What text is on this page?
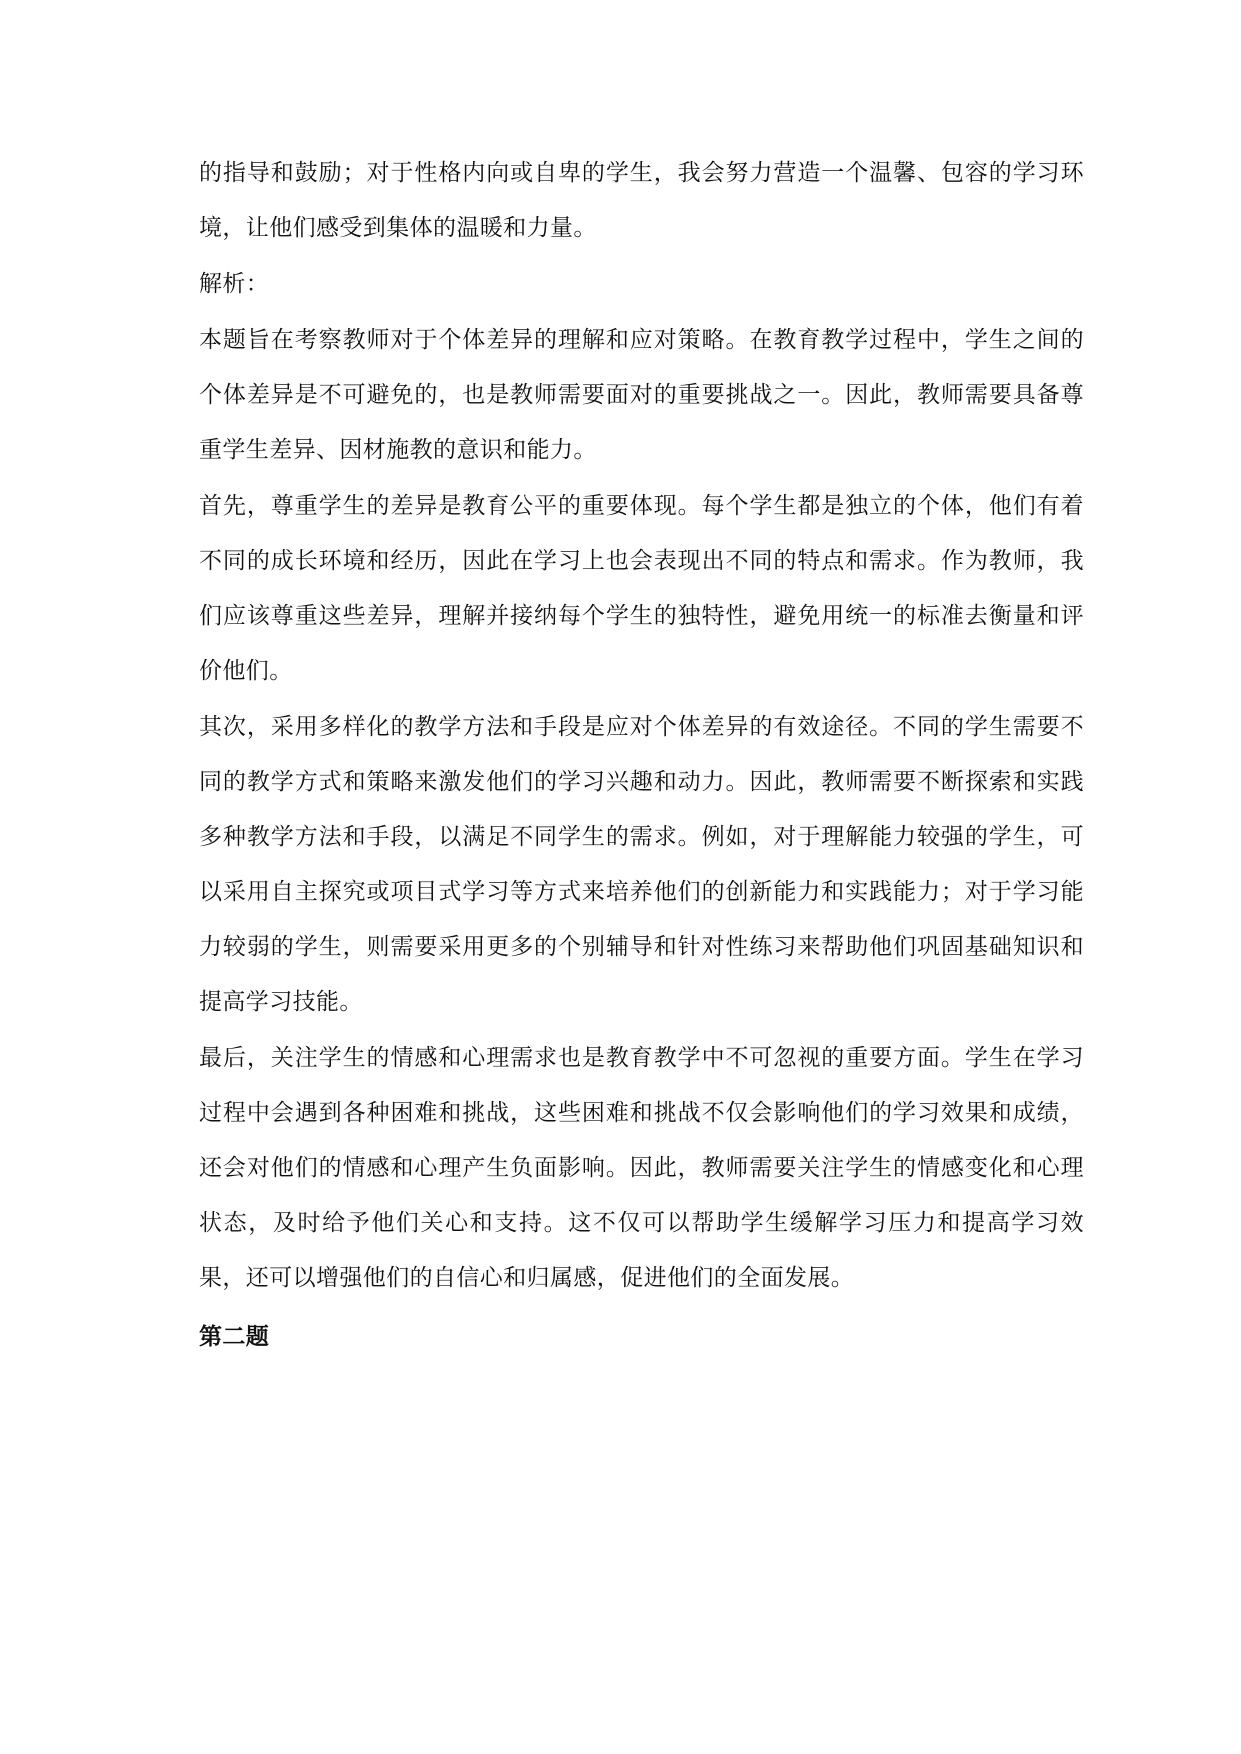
的指导和鼓励；对于性格内向或自卑的学生，我会努力营造一个温馨、包容的学习环境，让他们感受到集体的温暖和力量。

解析：

本题旨在考察教师对于个体差异的理解和应对策略。在教育教学过程中，学生之间的个体差异是不可避免的，也是教师需要面对的重要挑战之一。因此，教师需要具备尊重学生差异、因材施教的意识和能力。

首先，尊重学生的差异是教育公平的重要体现。每个学生都是独立的个体，他们有着不同的成长环境和经历，因此在学习上也会表现出不同的特点和需求。作为教师，我们应该尊重这些差异，理解并接纳每个学生的独特性，避免用统一的标准去衡量和评价他们。

其次，采用多样化的教学方法和手段是应对个体差异的有效途径。不同的学生需要不同的教学方式和策略来激发他们的学习兴趣和动力。因此，教师需要不断探索和实践多种教学方法和手段，以满足不同学生的需求。例如，对于理解能力较强的学生，可以采用自主探究或项目式学习等方式来培养他们的创新能力和实践能力；对于学习能力较弱的学生，则需要采用更多的个别辅导和针对性练习来帮助他们巩固基础知识和提高学习技能。

最后，关注学生的情感和心理需求也是教育教学中不可忽视的重要方面。学生在学习过程中会遇到各种困难和挑战，这些困难和挑战不仅会影响他们的学习效果和成绩，还会对他们的情感和心理产生负面影响。因此，教师需要关注学生的情感变化和心理状态，及时给予他们关心和支持。这不仅可以帮助学生缓解学习压力和提高学习效果，还可以增强他们的自信心和归属感，促进他们的全面发展。

第二题
